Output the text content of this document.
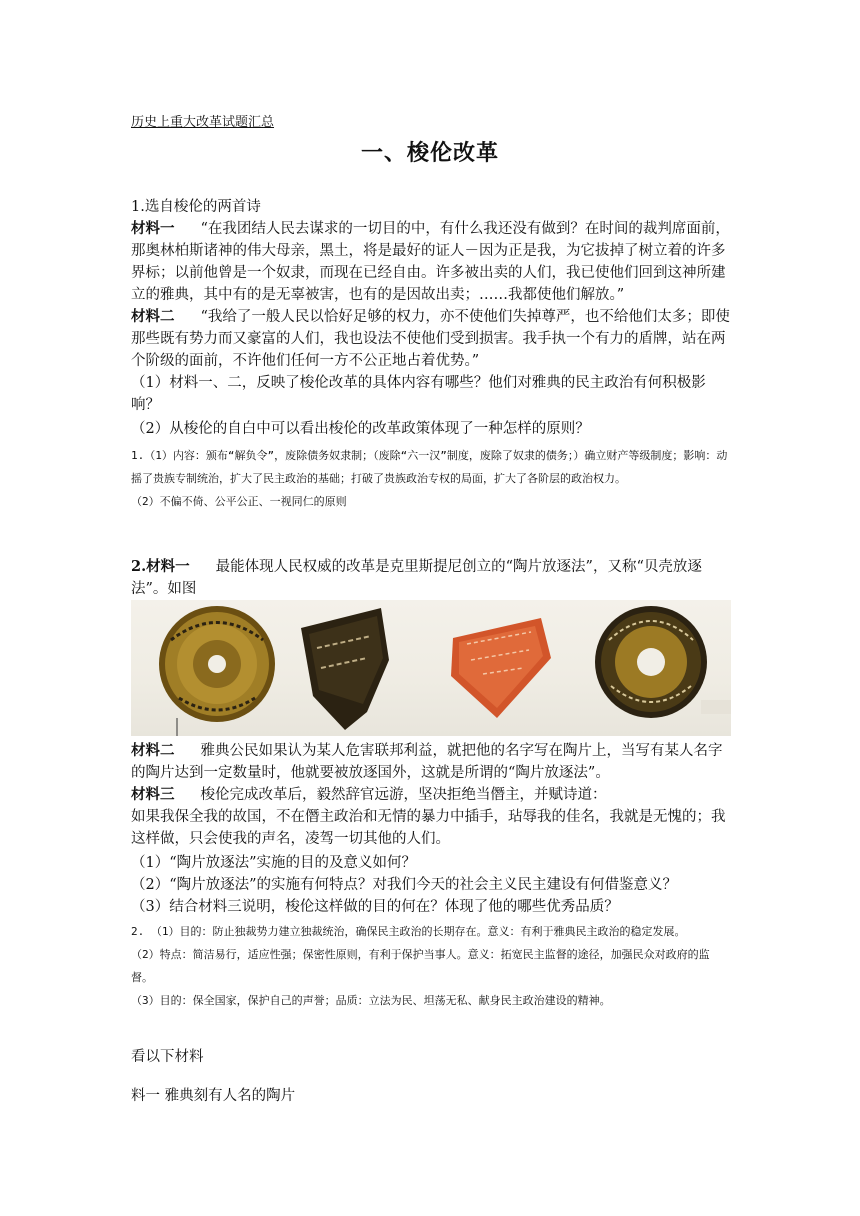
历史上重大改革试题汇总
一、梭伦改革

1.选自梭伦的两首诗

材料一 “在我团结人民去谋求的一切目的中，有什么我还没有做到？在时间的裁判席面前，那奥林柏斯诸神的伟大母亲，黑土，将是最好的证人－因为正是我，为它拔掉了树立着的许多界标；以前他曾是一个奴隶，而现在已经自由。许多被出卖的人们，我已使他们回到这神所建立的雅典，其中有的是无辜被害，也有的是因故出卖；……我都使他们解放。”

材料二 “我给了一般人民以恰好足够的权力，亦不使他们失掉尊严，也不给他们太多；即使那些既有势力而又豪富的人们，我也设法不使他们受到损害。我手执一个有力的盾牌，站在两个阶级的面前，不许他们任何一方不公正地占着优势。”

（1）材料一、二，反映了梭伦改革的具体内容有哪些？他们对雅典的民主政治有何积极影响？

（2）从梭伦的自白中可以看出梭伦的改革政策体现了一种怎样的原则？

1.（1）内容：颁布“解负令”，废除债务奴隶制；（废除“六一汉”制度，废除了奴隶的债务；）确立财产等级制度；影响：动摇了贵族专制统治，扩大了民主政治的基础；打破了贵族政治专权的局面，扩大了各阶层的政治权力。

（2）不偏不倚、公平公正、一视同仁的原则

2.材料一 最能体现人民权威的改革是克里斯提尼创立的“陶片放逐法”，又称“贝壳放逐法”。如图

材料二 雅典公民如果认为某人危害联邦利益，就把他的名字写在陶片上，当写有某人名字的陶片达到一定数量时，他就要被放逐国外，这就是所谓的“陶片放逐法”。

材料三 梭伦完成改革后，毅然辞官远游，坚决拒绝当僭主，并赋诗道：

如果我保全我的故国，不在僭主政治和无情的暴力中插手，玷辱我的佳名，我就是无愧的；我这样做，只会使我的声名，凌驾一切其他的人们。

（1）“陶片放逐法”实施的目的及意义如何？

（2）“陶片放逐法”的实施有何特点？对我们今天的社会主义民主建设有何借鉴意义？

（3）结合材料三说明，梭伦这样做的目的何在？体现了他的哪些优秀品质？

2. （1）目的：防止独裁势力建立独裁统治，确保民主政治的长期存在。意义：有利于雅典民主政治的稳定发展。

（2）特点：简洁易行，适应性强；保密性原则，有利于保护当事人。意义：拓宽民主监督的途径，加强民众对政府的监督。

（3）目的：保全国家，保护自己的声誉；品质：立法为民、坦荡无私、献身民主政治建设的精神。

看以下材料
料一 雅典刻有人名的陶片
